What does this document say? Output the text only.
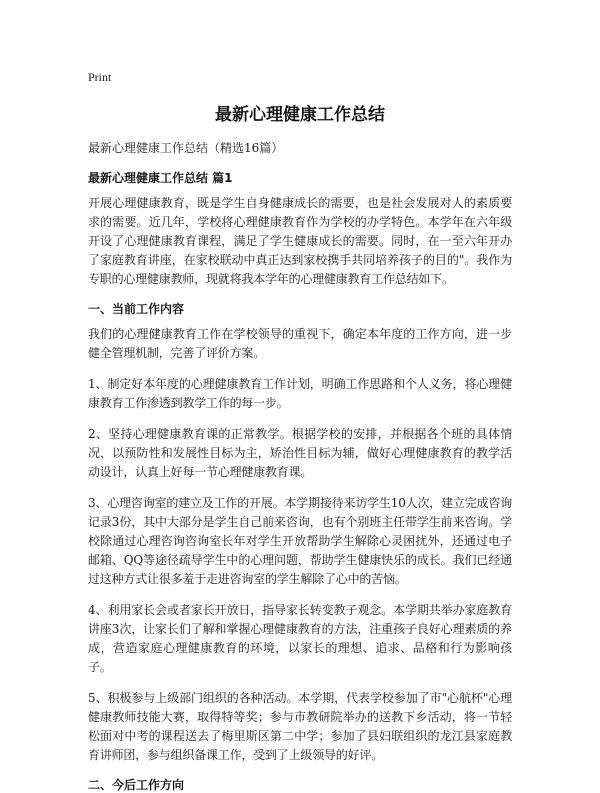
Print
最新心理健康工作总结
最新心理健康工作总结（精选16篇）
最新心理健康工作总结 篇1

开展心理健康教育，既是学生自身健康成长的需要，也是社会发展对人的素质要求的需要。近几年，学校将心理健康教育作为学校的办学特色。本学年在六年级开设了心理健康教育课程，满足了学生健康成长的需要。同时，在一至六年开办了家庭教育讲座，在家校联动中真正达到家校携手共同培养孩子的目的"。我作为专职的心理健康教师，现就将我本学年的心理健康教育工作总结如下。

一、当前工作内容

我们的心理健康教育工作在学校领导的重视下，确定本年度的工作方向，进一步健全管理机制，完善了评价方案。

1、制定好本年度的心理健康教育工作计划，明确工作思路和个人义务，将心理健康教育工作渗透到教学工作的每一步。

2、坚持心理健康教育课的正常教学。根据学校的安排，并根据各个班的具体情况，以预防性和发展性目标为主，矫治性目标为辅，做好心理健康教育的教学活动设计，认真上好每一节心理健康教育课。

3、心理咨询室的建立及工作的开展。本学期接待来访学生10人次，建立完成咨询记录3份，其中大部分是学生自己前来咨询，也有个别班主任带学生前来咨询。学校除通过心理咨询咨询室长年对学生开放帮助学生解除心灵困扰外，还通过电子邮箱、QQ等途径疏导学生中的心理问题，帮助学生健康快乐的成长。我们已经通过这种方式让很多羞于走进咨询室的学生解除了心中的苦恼。

4、利用家长会或者家长开放日，指导家长转变教子观念。本学期共举办家庭教育讲座3次，让家长们了解和掌握心理健康教育的方法，注重孩子良好心理素质的养成，营造家庭心理健康教育的环境，以家长的理想、追求、品格和行为影响孩子。

5、积极参与上级部门组织的各种活动。本学期，代表学校参加了市"心航杯"心理健康教师技能大赛，取得特等奖；参与市教研院举办的送教下乡活动，将一节轻松面对中考的课程送去了梅里斯区第二中学；参加了县妇联组织的龙江县家庭教育讲师团，参与组织备课工作，受到了上级领导的好评。

二、今后工作方向
